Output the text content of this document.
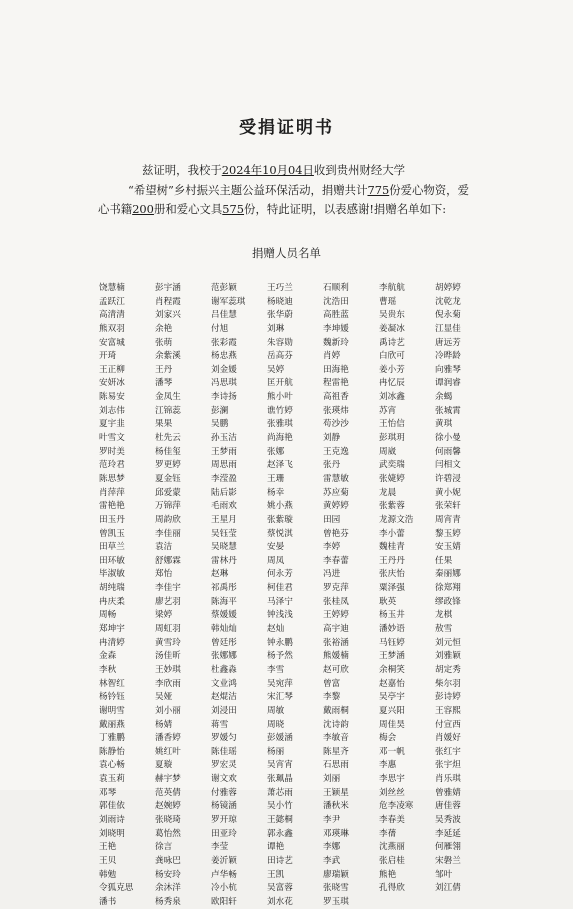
受捐证明书

兹证明，我校于2024年10月04日收到贵州财经大学

“希望树”乡村振兴主题公益环保活动，捐赠共计775份爱心物资，爱心书籍200册和爱心文具575份，特此证明，以表感谢!捐赠名单如下:

捐赠人员名单
饶慧楠	彭宇涵	范彭颖	王巧兰	石顺利	李航航	胡婷婷
孟跃江	肖程霞	谢军蕊琪	杨晓迪	沈浩田	曹瑶	沈乾龙
高清清	刘家兴	吕佳慧	张华蔚	高胜蓝	吴贵东	倪永菊
熊双羽	余艳	付旭	刘琳	李坤媛	姜凝冰	江显佳
安富城	张萌	张彩霞	朱容勋	魏新玲	禹诗艺	唐远芳
开琦	余紫溪	杨忠燕	岳高芬	肖婷	白欣可	冷晔龄
王正柳	王丹	刘金媛	吴婷	田海艳	姜小芳	向雅琴
安妍冰	潘琴	冯思琪	匡开航	程雷艳	冉忆辰	谭润睿
陈易安	金凤生	李诗扬	熊小叶	高祖香	刘冰鑫	余蝎
刘志伟	江锦蕊	彭澜	谯竹婷	张瑛炜	苏宵	张城霄
夏宇韭	果果	吴鹏	张雅琪	苟沙沙	王怡信	黄琪
叶雪文	杜先云	孙玉洁	尚海艳	刘静	彭琪玥	徐小曼
罗时美	杨佳玺	王梦雨	张娜	王克逸	周崴	何雨馨
范玲君	罗更婷	周思雨	赵泽飞	张丹	武奕瑞	闫相文
陈思梦	夏金钰	李滢盈	王珊	雷慧敏	张婕婷	许碧浸
肖萍萍	邱爱蒙	陆后影	杨幸	苏应菊	龙晨	黄小妮
雷艳艳	万锦萍	毛雨欢	姚小燕	黄婷婷	张紫蓉	张荣轩
田玉丹	周韵欣	王星月	张紫璇	田园	龙源文浩	周宵青
曾凯玉	李佳丽	吴钰莹	蔡悦淇	曾艳芬	李小蕾	黎玉婷
田草兰	袁洁	吴晓慧	安晏	李婷	魏桂青	安玉婧
田环敏	舒娜霖	雷林丹	周凤	李春蕾	王丹丹	任果
毕淑敏	郑怡	赵琳	何永芳	冯进	张庆怡	秦丽娜
胡纯瑞	李佳宇	祁禹彤	柯佳君	罗克萍	粟泽强	徐郑翔
冉庆柔	廖艺羽	陈海平	马泽宁	张桂凤	耿英	缪政锋
周畅	梁婷	蔡媛媛	钟浅浅	王婷婷	杨玉井	龙棋
郑坤宇	周虹羽	韩灿灿	赵灿	高宇迪	潘妙语	敖雪
冉清婷	黄雪玲	曾廷彤	钟永鹏	张裕涵	马钰婷	刘元恒
金森	汤佳昕	张娜娜	杨予然	熊媛楠	王梦涵	刘雅颖
李秋	王妙琪	杜鑫淼	李雪	赵可欣	余桐笑	胡定秀
林智红	李欣雨	文业鸿	吴宛萍	曾富	赵嘉怡	柴尔羽
杨钤钰	吴娅	赵焜洁	宋汇琴	李黎	吴亭宇	彭诗婷
谢明雪	刘小丽	刘浸田	周敏	戴雨桐	夏兴阳	王容熙
戴丽燕	杨婧	蒋雪	周晓	沈诗韵	周佳昊	付宣西
丁雅鹏	潘香婷	罗媛匀	彭媛涵	李敏音	梅会	肖媛好
陈静怡	姚红叶	陈佳瑶	杨丽	陈星齐	邓一帆	张红宇
袁心畅	夏璇	罗宏灵	吴宵宵	石思雨	李惠	张宇炟
袁玉莉	赫宇梦	谢文欢	张珮晶	刘丽	李思宇	肖乐琪
邓琴	范英倩	付雅蓉	萧芯雨	王颖星	刘丝丝	曾雅婧
郭佳依	赵婉婷	杨镜涵	吴小竹	潘秋米	危李凌寒	唐佳蓉
刘雨诗	张晓琦	罗开琼	王懿桐	李尹	李春美	吴秀波
刘晓明	葛怡然	田亚玲	郭永鑫	邓瑛琳	李蒨	李延延
王艳	徐言	李莹	谭艳	李娜	沈燕丽	何雁翎
王贝	龚咏巴	姜沂颖	田诗艺	李武	张启桂	宋磐兰
韩勉	杨安玲	卢华畅	王凯	廖瑞颖	熊艳	邹叶
令狐克思	余沐洋	冷小杭	吴富蓉	张晓雪	孔得欣	刘江倩
潘书	杨秀泉	欧阳轩	刘水花	罗玉琪
